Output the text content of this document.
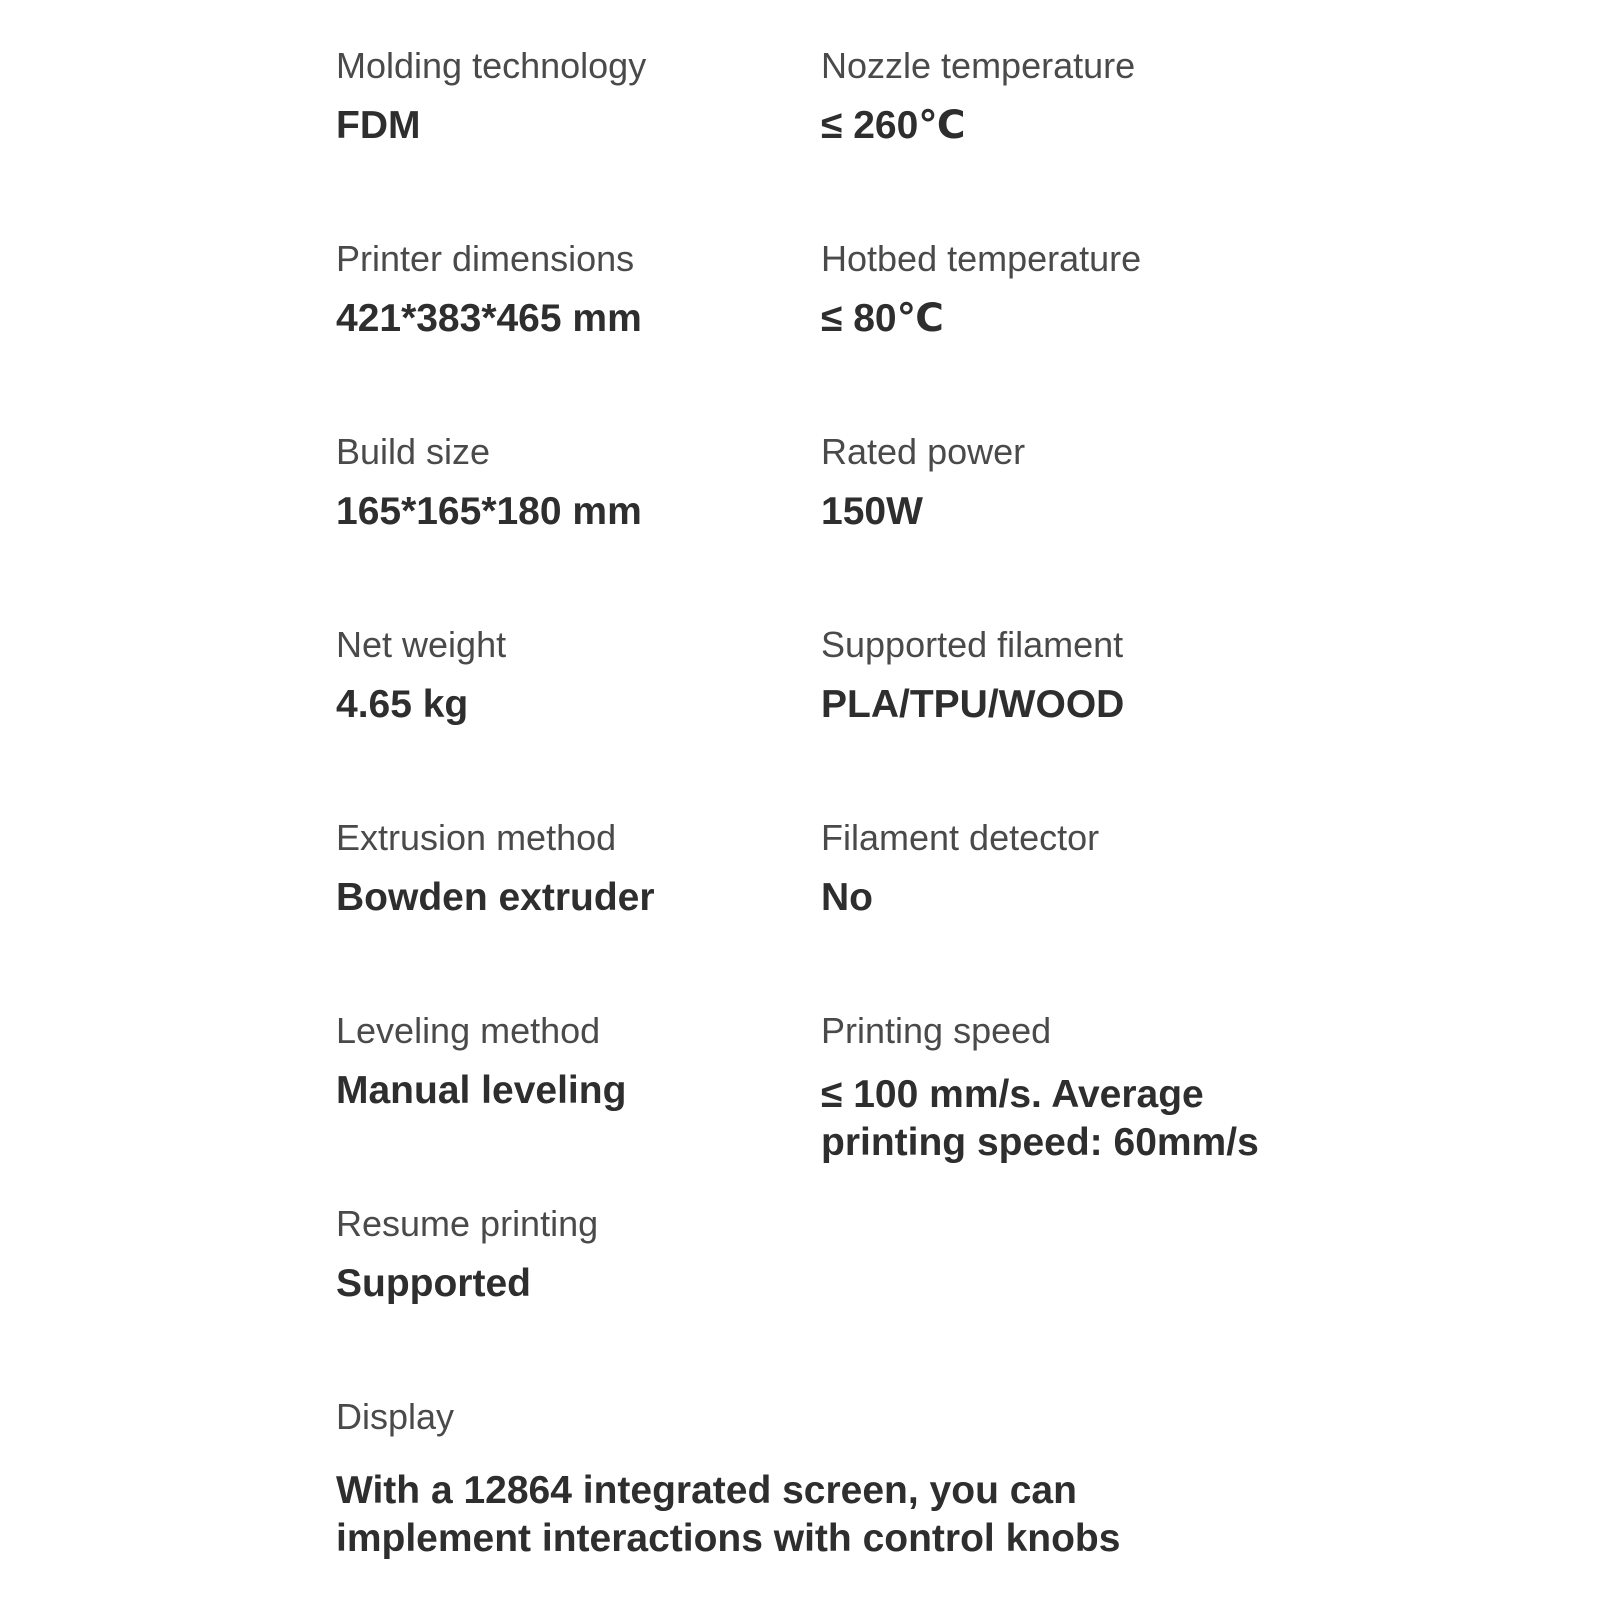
Molding technology
FDM
Nozzle temperature
≤ 260℃
Printer dimensions
421*383*465 mm
Hotbed temperature
≤ 80℃
Build size
165*165*180 mm
Rated power
150W
Net weight
4.65 kg
Supported filament
PLA/TPU/WOOD
Extrusion method
Bowden extruder
Filament detector
No
Leveling method
Manual leveling
Printing speed
≤ 100 mm/s. Average printing speed: 60mm/s
Resume printing
Supported
Display
With a 12864 integrated screen, you can implement interactions with control knobs
